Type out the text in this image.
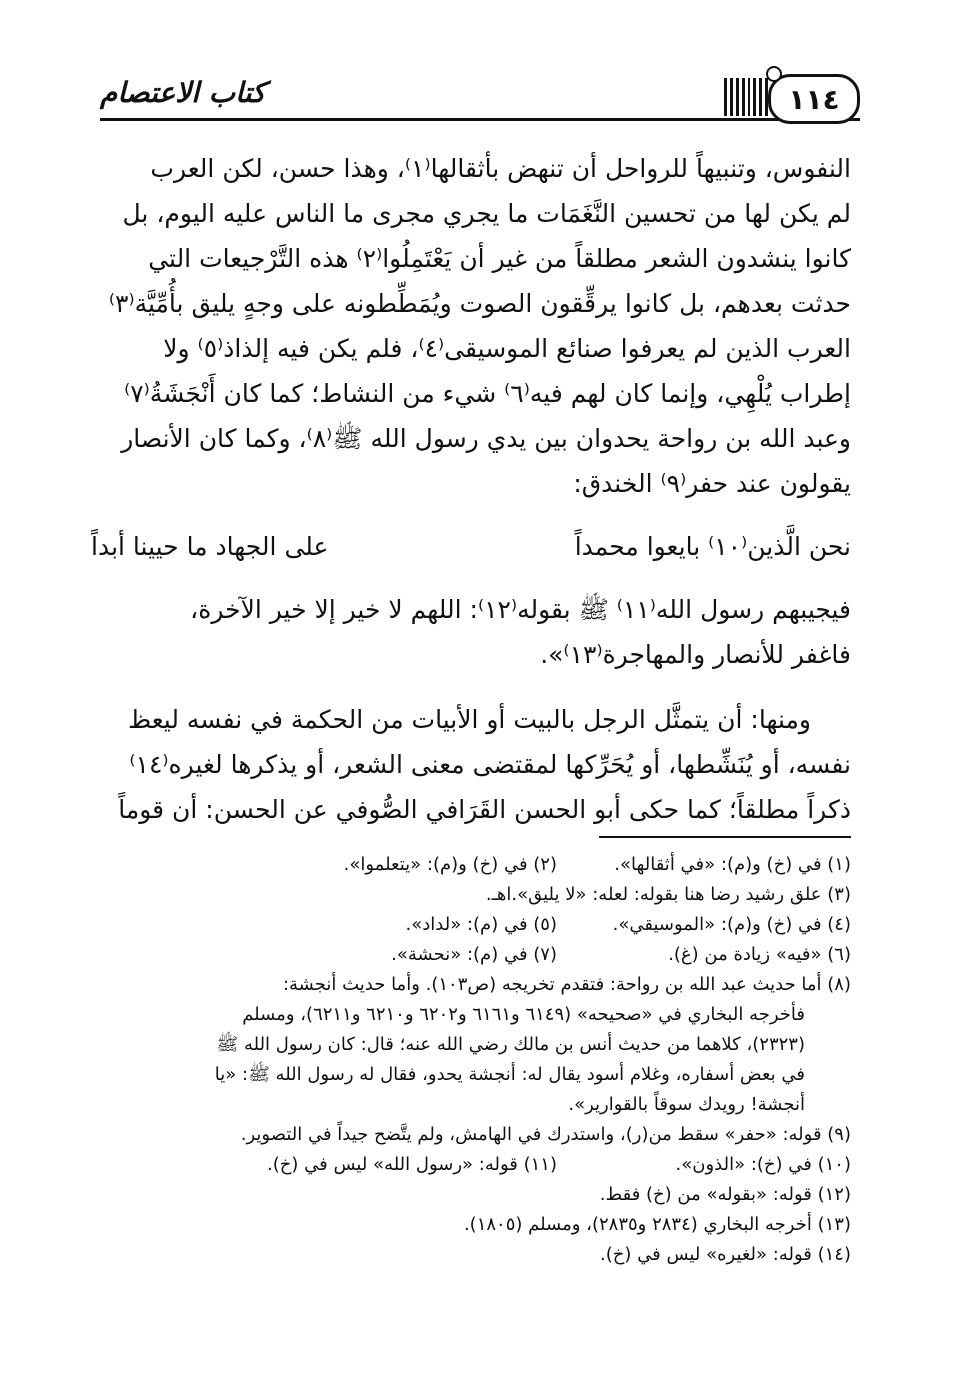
١١٤
كتاب الاعتصام

النفوس، وتنبيهاً للرواحل أن تنهض بأثقالها⁽١⁾، وهذا حسن، لكن العرب

لم يكن لها من تحسين النَّغَمَات ما يجري مجرى ما الناس عليه اليوم، بل

كانوا ينشدون الشعر مطلقاً من غير أن يَعْتَمِلُوا⁽٢⁾ هذه التَّرْجيعات التي

حدثت بعدهم، بل كانوا يرقِّقون الصوت ويُمَطِّطونه على وجهٍ يليق بأُمِّيَّة⁽٣⁾

العرب الذين لم يعرفوا صنائع الموسيقى⁽٤⁾، فلم يكن فيه إلذاذ⁽٥⁾ ولا

إطراب يُلْهِي، وإنما كان لهم فيه⁽٦⁾ شيء من النشاط؛ كما كان أَنْجَشَةُ⁽٧⁾

وعبد الله بن رواحة يحدوان بين يدي رسول الله ﷺ⁽٨⁾، وكما كان الأنصار

يقولون عند حفر⁽٩⁾ الخندق:

نحن الَّذين⁽١٠⁾ بايعوا محمداً
على الجهاد ما حيينا أبداً

فيجيبهم رسول الله⁽١١⁾ ﷺ بقوله⁽١٢⁾: اللهم لا خير إلا خير الآخرة،

فاغفر للأنصار والمهاجرة⁽١٣⁾».

ومنها: أن يتمثَّل الرجل بالبيت أو الأبيات من الحكمة في نفسه ليعظ

نفسه، أو يُنَشِّطها، أو يُحَرِّكها لمقتضى معنى الشعر، أو يذكرها لغيره⁽١٤⁾

ذكراً مطلقاً؛ كما حكى أبو الحسن القَرَافي الصُّوفي عن الحسن: أن قوماً

(١) في (خ) و(م): «في أثقالها».
(٢) في (خ) و(م): «يتعلموا».
(٣) علق رشيد رضا هنا بقوله: لعله: «لا يليق».اهـ.
(٤) في (خ) و(م): «الموسيقي».
(٥) في (م): «لداد».
(٦) «فيه» زيادة من (غ).
(٧) في (م): «نحشة».
(٨) أما حديث عبد الله بن رواحة: فتقدم تخريجه (ص١٠٣). وأما حديث أنجشة:
فأخرجه البخاري في «صحيحه» (٦١٤٩ و٦١٦١ و٦٢٠٢ و٦٢١٠ و٦٢١١)، ومسلم
(٢٣٢٣)، كلاهما من حديث أنس بن مالك رضي الله عنه؛ قال: كان رسول الله ﷺ
في بعض أسفاره، وغلام أسود يقال له: أنجشة يحدو، فقال له رسول الله ﷺ: «يا
أنجشة! رويدك سوقاً بالقوارير».
(٩) قوله: «حفر» سقط من(ر)، واستدرك في الهامش، ولم يتَّضح جيداً في التصوير.
(١٠) في (خ): «الذون».
(١١) قوله: «رسول الله» ليس في (خ).
(١٢) قوله: «بقوله» من (خ) فقط.
(١٣) أخرجه البخاري (٢٨٣٤ و٢٨٣٥)، ومسلم (١٨٠٥).
(١٤) قوله: «لغيره» ليس في (خ).
